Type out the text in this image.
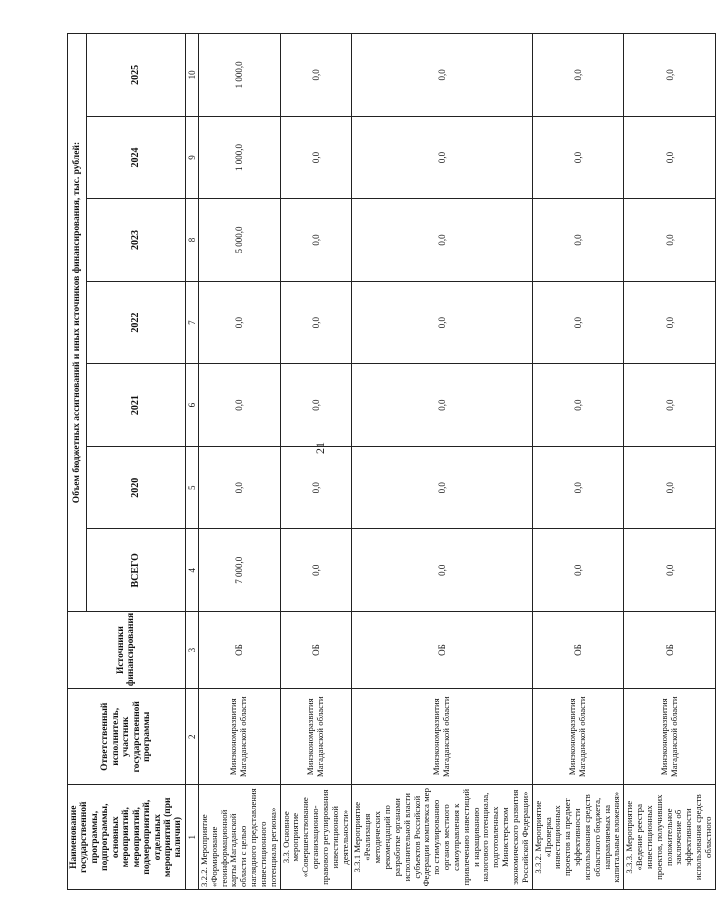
21
Наименование государственной программы, подпрограммы, основных мероприятий, мероприятий, подмероприятий, отдельных мероприятий (при наличии)	Ответственный исполнитель, участник государственной программы	Источники финансирования	Объем бюджетных ассигнований и иных источников финансирования, тыс. рублей:						
			ВСЕГО	2020	2021	2022	2023	2024	2025
1	2	3	4	5	6	7	8	9	10
3.2.2. Мероприятие «Формирование геоинформационной карты Магаданской области с целью наглядного представления инвестиционного потенциала региона»	Минэкономразвития Магаданской области	ОБ	7 000,0	0,0	0,0	0,0	5 000,0	1 000,0	1 000,0
3.3. Основное мероприятие «Совершенствование организационно-правового регулирования инвестиционной деятельности»	Минэкономразвития Магаданской области	ОБ	0,0	0,0	0,0	0,0	0,0	0,0	0,0
3.3.1 Мероприятие «Реализация методических рекомендаций по разработке органами исполнительной власти субъектов Российской Федерации комплекса мер по стимулированию органов местного самоуправления к привлечению инвестиций и наращиванию налогового потенциала, подготовленных Министерством экономического развития Российской Федерации»	Минэкономразвития Магаданской области	ОБ	0,0	0,0	0,0	0,0	0,0	0,0	0,0
3.3.2. Мероприятие «Проверка инвестиционных проектов на предмет эффективности использования средств областного бюджета, направляемых на капитальные вложения»	Минэкономразвития Магаданской области	ОБ	0,0	0,0	0,0	0,0	0,0	0,0	0,0
3.3.3. Мероприятие «Ведение реестра инвестиционных проектов, получивших положительное заключение об эффективности использования средств областного	Минэкономразвития Магаданской области	ОБ	0,0	0,0	0,0	0,0	0,0	0,0	0,0
